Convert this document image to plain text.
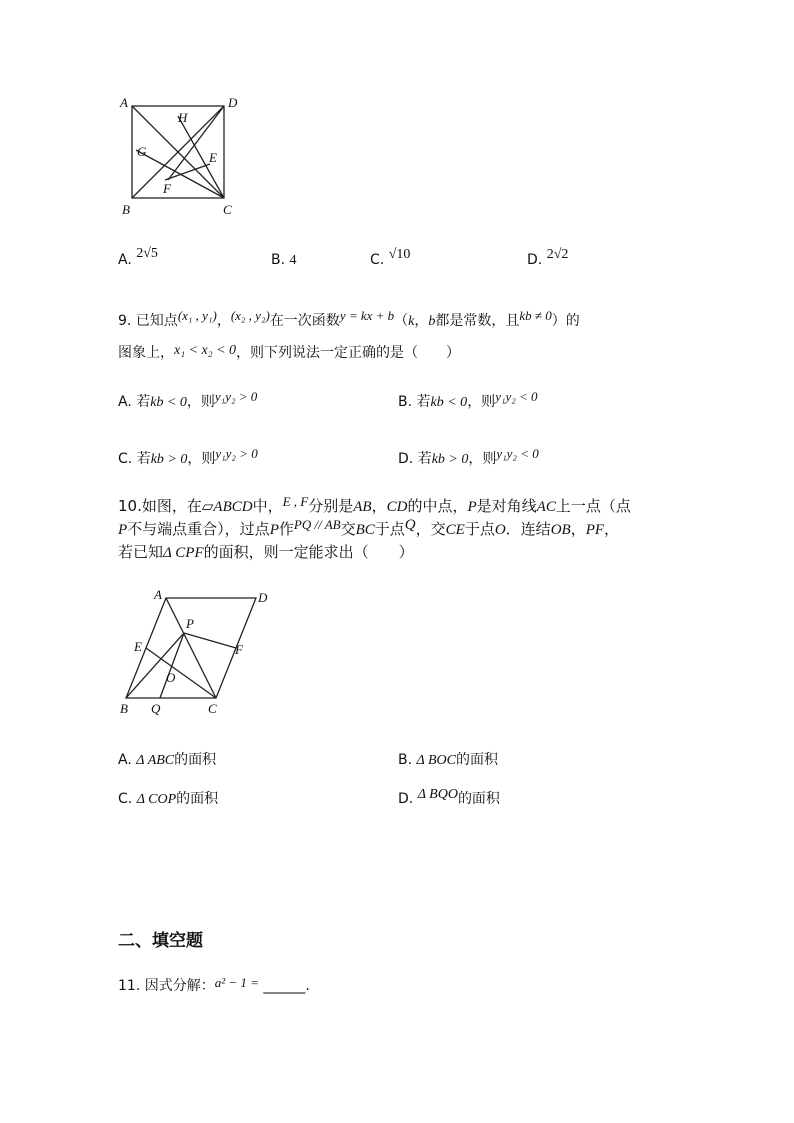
A	D
H
G	E
F
B	C
A. 2√5	B. 4	C. √10	D. 2√2
9. 已知点(x₁ , y₁)，(x₂ , y₂)在一次函数y = kx + b（k，b都是常数，且kb ≠ 0）的
图象上，x₁ < x₂ < 0，则下列说法一定正确的是（　　）
A. 若kb < 0，则y₁y₂ > 0	B. 若kb < 0，则y₁y₂ < 0
C. 若kb > 0，则y₁y₂ > 0	D. 若kb > 0，则y₁y₂ < 0
10.如图，在▱ABCD中，E , F分别是AB，CD的中点，P是对角线AC上一点（点
P不与端点重合），过点P作PQ // AB交BC于点Q，交CE于点O．连结OB，PF，
若已知Δ CPF的面积，则一定能求出（　　）
A	D
P
E	F
O
B Q	C
A. Δ ABC的面积	B. Δ BOC的面积
C. Δ COP的面积	D. Δ BQO的面积
二、填空题
11. 因式分解：a² − 1 = ______.
